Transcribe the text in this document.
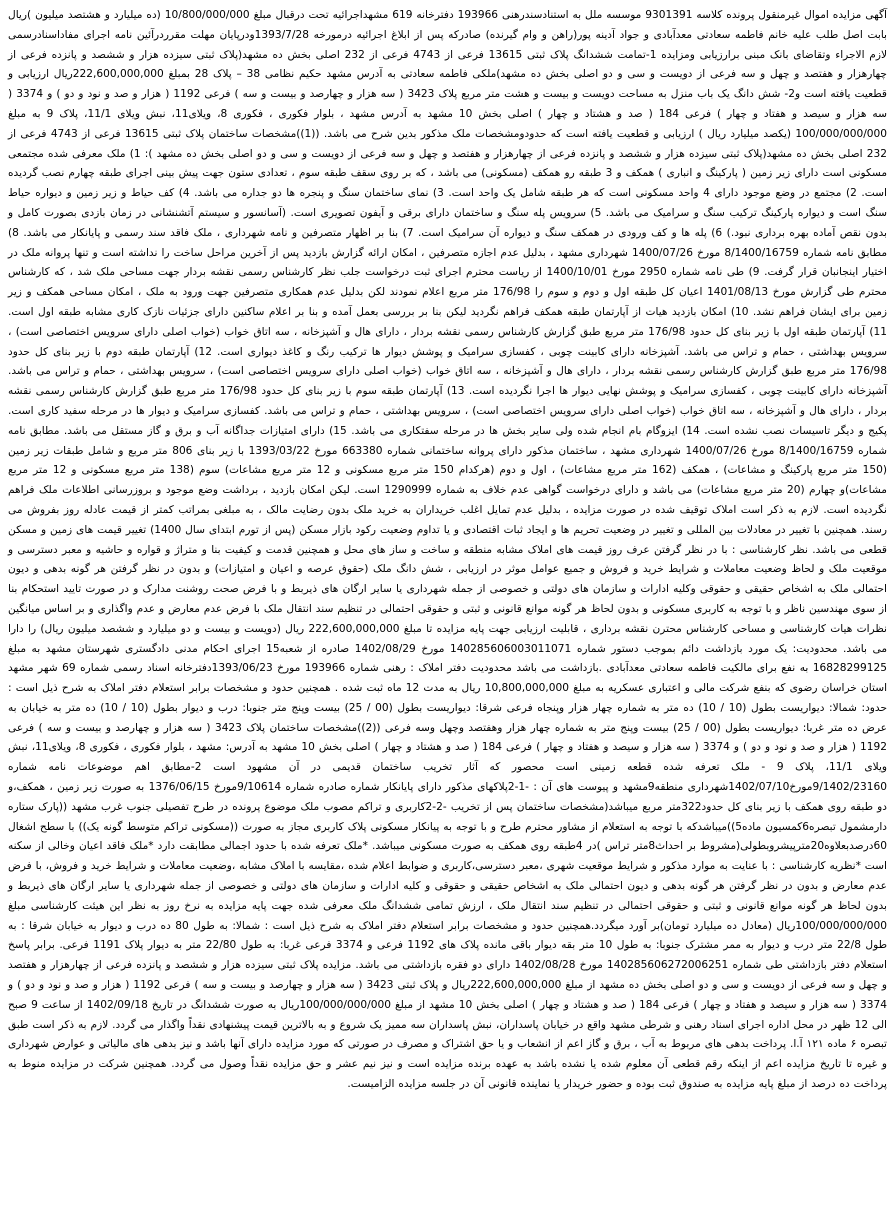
آگهی مزایده اموال غیرمنقول پرونده کلاسه 9301391 موسسه ملل به استنادسندرهنی 193966 دفترخانه 619 مشهداجرائیه تحت درقبال مبلغ 10/800/000/000 (ده میلیارد و هشتصد میلیون )ریال بابت اصل طلب علیه خانم فاطمه سعادتی معدآبادی و جواد آدینه پور(راهن و وام گیرنده) صادرکه پس از ابلاغ اجرائیه درمورخه 1393/7/28ودرپایان مهلت مقرردرآئین نامه اجرای مفاداسنادرسمی لازم الاجراء وتقاضای بانک مبنی برارزیابی ومزایده 1-تمامت ششدانگ پلاک ثبتی 13615 فرعی از 4743 فرعی از 232 اصلی بخش ده مشهد(پلاک ثبتی سیزده هزار و ششصد و پانزده فرعی از چهارهزار و هفتصد و چهل و سه فرعی از دویست و سی و دو اصلی بخش ده مشهد)ملکی فاطمه سعادتی به آدرس مشهد حکیم نظامی 38 – پلاک 28 بمبلغ 222,600,000,000ریال ارزیابی و قطعیت یافته است و2- شش دانگ یک باب منزل به مساحت دویست و بیست و هشت متر مربع پلاک 3423 ( سه هزار و چهارصد و بیست و سه ) فرعی 1192 ( هزار و صد و نود و دو ) و 3374 ( سه هزار و سیصد و هفتاد و چهار ) فرعی 184 ( صد و هشتاد و چهار ) اصلی بخش 10 مشهد به آدرس مشهد ، بلوار فکوری ، فکوری 8، ویلای11، نبش ویلای 11/1، پلاک 9 به مبلغ 100/000/000/000 (یکصد میلیارد ریال ) ارزیابی و قطعیت یافته است که حدودومشخصات ملک مذکور بدین شرح می باشد. ((1))مشخصات ساختمان پلاک ثبتی 13615 فرعی از 4743 فرعی از 232 اصلی بخش ده مشهد(پلاک ثبتی سیزده هزار و ششصد و پانزده فرعی از چهارهزار و هفتصد و چهل و سه فرعی از دویست و سی و دو اصلی بخش ده مشهد ): 1) ملک معرفی شده مجتمعی مسکونی است دارای زیر زمین ( پارکینگ و انباری ) همکف و 3 طبقه رو همکف (مسکونی) می باشد ، که بر روی سقف طبقه سوم ، تعدادی ستون جهت پیش بینی اجرای طبقه چهارم نصب گردیده است. 2) مجتمع در وضع موجود دارای 4 واحد مسکونی است که هر طبقه شامل یک واحد است. 3) نمای ساختمان سنگ و پنجره ها دو جداره می باشد. 4) کف حیاط و زیر زمین و دیواره حیاط سنگ است و دیواره پارکینگ ترکیب سنگ و سرامیک می باشد. 5) سرویس پله سنگ و ساختمان دارای برقی و آیفون تصویری است. (آسانسور و سیستم آتشنشانی در زمان بازدی بصورت کامل و بدون نقص آماده بهره برداری نبود.) 6) پله ها و کف ورودی در همکف سنگ و دیواره آن سرامیک است. 7) بنا بر اظهار متصرفین و نامه شهرداری ، ملک فاقد سند رسمی و پایانکار می باشد. 8) مطابق نامه شماره 8/1400/16759 مورخ 1400/07/26 شهرداری مشهد ، بدلیل عدم اجازه متصرفین ، امکان ارائه گزارش بازدید پس از آخرین مراحل ساخت را نداشته است و تنها پروانه ملک در اختیار اینجانبان قرار گرفت. 9) طی نامه شماره 2950 مورخ 1400/10/01 از ریاست محترم اجرای ثبت درخواست جلب نظر کارشناس رسمی نقشه بردار جهت مساحی ملک شد ، که کارشناس محترم طی گزارش مورخ 1401/08/13 اعیان کل طبقه اول و دوم و سوم را 176/98 متر مربع اعلام نمودند لکن بدلیل عدم همکاری متصرفین جهت ورود به ملک ، امکان مساحی همکف و زیر زمین برای ایشان فراهم نشد. 10) امکان بازدید هیات از آپارتمان طبقه همکف فراهم نگردید لیکن بنا بر بررسی بعمل آمده و بنا بر اعلام ساکنین دارای جزئیات نازک کاری مشابه طبقه اول است. 11) آپارتمان طبقه اول با زیر بنای کل حدود 176/98 متر مربع طبق گزارش کارشناس رسمی نقشه بردار ، دارای هال و آشپزخانه ، سه اتاق خواب (خواب اصلی دارای سرویس اختصاصی است) ، سرویس بهداشتی ، حمام و تراس می باشد. آشپزخانه دارای کابینت چوبی ، کفسازی سرامیک و پوشش دیوار ها ترکیب رنگ و کاغذ دیواری است. 12) آپارتمان طبقه دوم با زیر بنای کل حدود 176/98 متر مربع طبق گزارش کارشناس رسمی نقشه بردار ، دارای هال و آشپزخانه ، سه اتاق خواب (خواب اصلی دارای سرویس اختصاصی است) ، سرویس بهداشتی ، حمام و تراس می باشد. آشپزخانه دارای کابینت چوبی ، کفسازی سرامیک و پوشش نهایی دیوار ها اجرا نگردیده است. 13) آپارتمان طبقه سوم با زیر بنای کل حدود 176/98 متر مربع طبق گزارش کارشناس رسمی نقشه بردار ، دارای هال و آشپزخانه ، سه اتاق خواب (خواب اصلی دارای سرویس اختصاصی است) ، سرویس بهداشتی ، حمام و تراس می باشد. کفسازی سرامیک و دیوار ها در مرحله سفید کاری است. پکیج و دیگر تاسیسات نصب نشده است. 14) ایزوگام بام انجام شده ولی سایر بخش ها در مرحله سفتکاری می باشد. 15) دارای امتیازات جداگانه آب و برق و گاز مستقل می باشد. مطابق نامه شماره 8/1400/16759 مورخ 1400/07/26 شهرداری مشهد ، ساختمان مذکور دارای پروانه ساختمانی شماره 663380 مورخ 1393/03/22 با زیر بنای 806 متر مربع و شامل طبقات زیر زمین (150 متر مربع پارکینگ و مشاعات) ، همکف (162 متر مربع مشاعات) ، اول و دوم (هرکدام 150 متر مربع مسکونی و 12 متر مربع مشاعات) سوم (138 متر مربع مسکونی و 12 متر مربع مشاعات)و چهارم (20 متر مربع مشاعات) می باشد و دارای درخواست گواهی عدم خلاف به شماره 1290999 است. لیکن امکان بازدید ، برداشت وضع موجود و بروزرسانی اطلاعات ملک فراهم نگردیده است. لازم به ذکر است املاک توقیف شده در صورت مزایده ، بدلیل عدم تمایل اغلب خریداران به خرید ملک بدون رضایت مالک ، به مبلغی بمراتب کمتر از قیمت عادله روز بفروش می رسند. همچنین با تغییر در معادلات بین المللی و تغییر در وضعیت تحریم ها و ایجاد ثبات اقتصادی و یا تداوم وضعیت رکود بازار مسکن (پس از تورم ابتدای سال 1400) تغییر قیمت های زمین و مسکن قطعی می باشد. نظر کارشناسی : با در نظر گرفتن عرف روز قیمت های املاک مشابه منطقه و ساخت و ساز های محل و همچنین قدمت و کیفیت بنا و متراژ و قواره و حاشیه و معبر دسترسی و موقعیت ملک و لحاظ وضعیت معاملات و شرایط خرید و فروش و جمیع عوامل موثر در ارزیابی ، شش دانگ ملک (حقوق عرصه و اعیان و امتیازات) و بدون در نظر گرفتن هر گونه بدهی و دیون احتمالی ملک به اشخاص حقیقی و حقوقی وکلیه ادارات و سازمان های دولتی و خصوصی از جمله شهرداری یا سایر ارگان های ذیربط و با فرض صحت روشنت مدارک و در صورت تایید استحکام بنا از سوی مهندسین ناظر و با توجه به کاربری مسکونی و بدون لحاظ هر گونه موانع قانونی و ثبتی و حقوقی احتمالی در تنظیم سند انتقال ملک با فرض عدم معارض و عدم واگذاری و بر اساس میانگین نظرات هیات کارشناسی و مساحی کارشناس محترن نقشه برداری ، قابلیت ارزیابی جهت پایه مزایده تا مبلغ 222,600,000,000 ریال (دویست و بیست و دو میلیارد و ششصد میلیون ریال) را دارا می باشد. محدودیت: یک مورد بازداشت دائم بموجب دستور شماره 140285606003011071 مورخ 1402/08/29 صادره از شعبه15 اجرای احکام مدنی دادگستری شهرستان مشهد به مبلغ 16828299125 به نفع برای مالکیت فاطمه سعادتی معدآبادی .بازداشت می باشد محدودیت دفتر املاک : رهنی شماره 193966 مورخ 1393/06/23دفترخانه اسناد رسمی شماره 69 شهر مشهد استان خراسان رضوی که بنفع شرکت مالی و اعتباری عسکریه به مبلغ 10,800,000,000 ریال به مدت 12 ماه ثبت شده . همچنین حدود و مشخصات برابر استعلام دفتر املاک به شرح ذیل است : حدود: شمالا: دیواریست بطول (10 / 10) ده متر به شماره چهار هزار وپنجاه فرعی شرقا: دیواریست بطول (00 / 25) بیست وپنج متر جنوبا: درب و دیوار بطول (10 / 10) ده متر به خیابان به عرض ده متر غربا: دیواریست بطول (00 / 25) بیست وپنج متر به شماره چهار هزار وهفتصد وچهل وسه فرعی ((2))مشخصات ساختمان پلاک 3423 ( سه هزار و چهارصد و بیست و سه ) فرعی 1192 ( هزار و صد و نود و دو ) و 3374 ( سه هزار و سیصد و هفتاد و چهار ) فرعی 184 ( صد و هشتاد و چهار ) اصلی بخش 10 مشهد به آدرس: مشهد ، بلوار فکوری ، فکوری 8، ویلای11، نبش ویلای 11/1، پلاک 9 - ملک تعرفه شده قطعه زمینی است محصور که آثار تخریب ساختمان قدیمی در آن مشهود است 2-مطابق اهم موضوعات نامه شماره 9/1402/23160مورخ1402/07/10شهرداری منطقه9مشهد و پیوست های آن : -1-2پلاکهای مذکور دارای پایانکار شماره صادره شماره 9/10614مورخ 1376/06/15 به صورت زیر زمین ، همکف،و دو طبقه روی همکف با زیر بنای کل حدود322متر مربع میباشد(مشخصات ساختمان پس از تخریب -2-2کاربری و تراکم مصوب ملک موضوع پرونده در طرح تفصیلی جنوب غرب مشهد ((پارک ستاره دارمشمول تبصره6کمسیون ماده5))میباشدکه با توجه به استعلام از مشاور محترم طرح و با توجه به پیانکار مسکونی پلاک کاربری مجاز به صورت ((مسکونی تراکم متوسط گونه یک)) با سطح اشغال 60درصدبعلاوه20مترپیشروبطولی(مشروط بر احداث8متر تراس )در 4طبقه روی همکف به صورت مسکونی میباشد. *ملک تعرفه شده با حدود اجمالی مطابقت دارد *ملک فاقد اعیان وخالی از سکنه است *نظریه کارشناسی : با عنایت به موارد مذکور و شرایط موقعیت شهری ،معبر دسترسی،کاربری و ضوابط اعلام شده ،مقایسه با املاک مشابه ،وضعیت معاملات و شرایط خرید و فروش، با فرض عدم معارض و بدون در نظر گرفتن هر گونه بدهی و دیون احتمالی ملک به اشخاص حقیقی و حقوقی و کلیه ادارات و سازمان های دولتی و خصوصی از جمله شهرداری یا سایر ارگان های ذیربط و بدون لحاظ هر گونه موانع قانونی و ثبتی و حقوقی احتمالی در تنظیم سند انتقال ملک ، ارزش تمامی ششدانگ ملک معرفی شده جهت پایه مزایده به نرخ روز به نظر این هیئت کارشناسی مبلغ 100/000/000/000ریال (معادل ده میلیارد تومان)بر آورد میگردد.همچنین حدود و مشخصات برابر استعلام دفتر املاک به شرح ذیل است : شمالا: به طول 80 ده درب و دیوار به خیابان شرقا : به طول 22/8 متر درب و دیوار به ممر مشترک جنوبا: به طول 10 متر بقه دیوار باقی مانده پلاک های 1192 فرعی و 3374 فرعی غربا: به طول 22/80 متر به دیوار پلاک 1191 فرعی. برابر پاسخ استعلام دفتر بازداشتی طی شماره 140285606272006251 مورخ 1402/08/28 دارای دو فقره بازداشتی می باشد. مزایده پلاک ثبتی سیزده هزار و ششصد و پانزده فرعی از چهارهزار و هفتصد و چهل و سه فرعی از دویست و سی و دو اصلی بخش ده مشهد از مبلغ 222,600,000,000ریال و پلاک ثبتی 3423 ( سه هزار و چهارصد و بیست و سه ) فرعی 1192 ( هزار و صد و نود و دو ) و 3374 ( سه هزار و سیصد و هفتاد و چهار ) فرعی 184 ( صد و هشتاد و چهار ) اصلی بخش 10 مشهد از مبلغ 100/000/000/000ریال به صورت ششدانگ در تاریخ 1402/09/18 از ساعت 9 صبح الی 12 ظهر در محل اداره اجرای اسناد رهنی و شرطی مشهد واقع در خیابان پاسداران، نبش پاسداران سه ممیز یک شروع و به بالاترین قیمت پیشنهادی نقداً واگذار می گردد. لازم به ذکر است طبق تبصره ۶ ماده ۱۲۱ آ.ا. پرداخت بدهی های مربوط به آب ، برق و گاز اعم از انشعاب و یا حق اشتراک و مصرف در صورتی که مورد مزایده دارای آنها باشد و نیز بدهی های مالیاتی و عوارض شهرداری و غیره تا تاریخ مزایده اعم از اینکه رقم قطعی آن معلوم شده یا نشده باشد به عهده برنده مزایده است و نیز نیم عشر و حق مزایده نقداً وصول می گردد. همچنین شرکت در مزایده منوط به پرداخت ده درصد از مبلغ پایه مزایده به صندوق ثبت بوده و حضور خریدار یا نماینده قانونی آن در جلسه مزایده الزامیست.
